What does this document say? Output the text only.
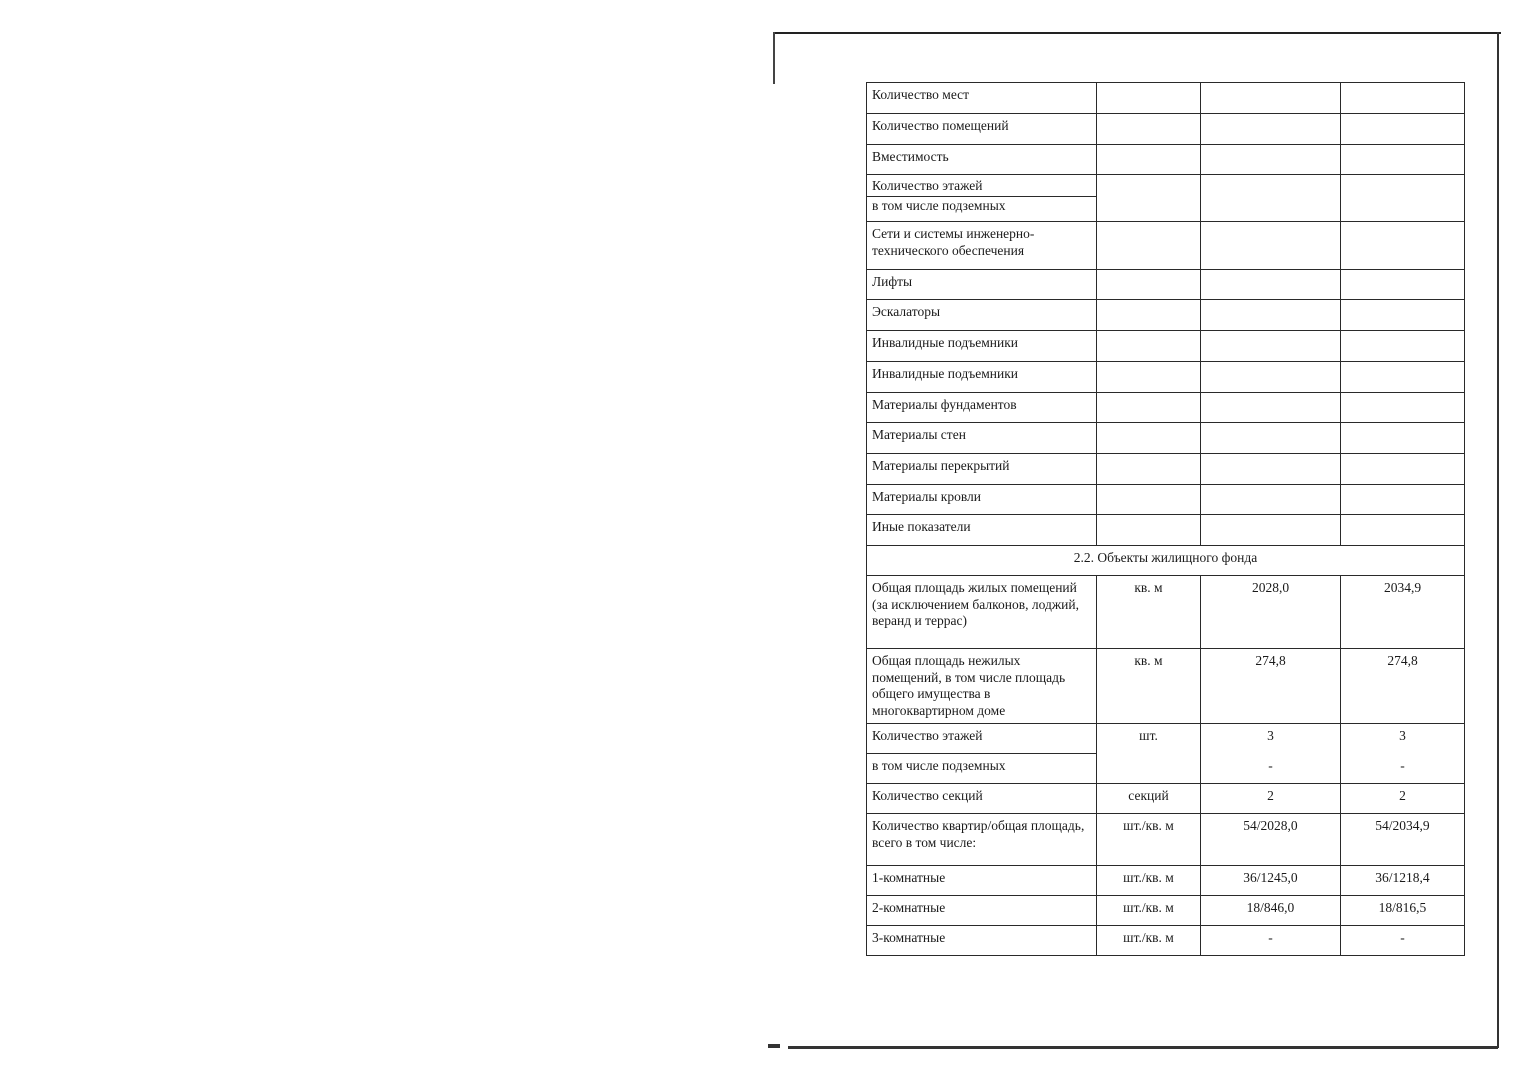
Количество мест			
Количество помещений			
Вместимость			

Количество этажей
в том числе подземных			

Сети и системы инженерно-технического обеспечения			
Лифты			
Эскалаторы			
Инвалидные подъемники			
Инвалидные подъемники			
Материалы фундаментов			
Материалы стен			
Материалы перекрытий			
Материалы кровли			
Иные показатели			
2.2. Объекты жилищного фонда			
Общая площадь жилых помещений (за исключением балконов, лоджий, веранд и террас)	кв. м	2028,0	2034,9
Общая площадь нежилых помещений, в том числе площадь общего имущества в многоквартирном доме	кв. м	274,8	274,8
Количество этажей	шт.	3	3
в том числе подземных		-	-
Количество секций	секций	2	2
Количество квартир/общая площадь, всего в том числе:	шт./кв. м	54/2028,0	54/2034,9
1-комнатные	шт./кв. м	36/1245,0	36/1218,4
2-комнатные	шт./кв. м	18/846,0	18/816,5
3-комнатные	шт./кв. м	-	-
